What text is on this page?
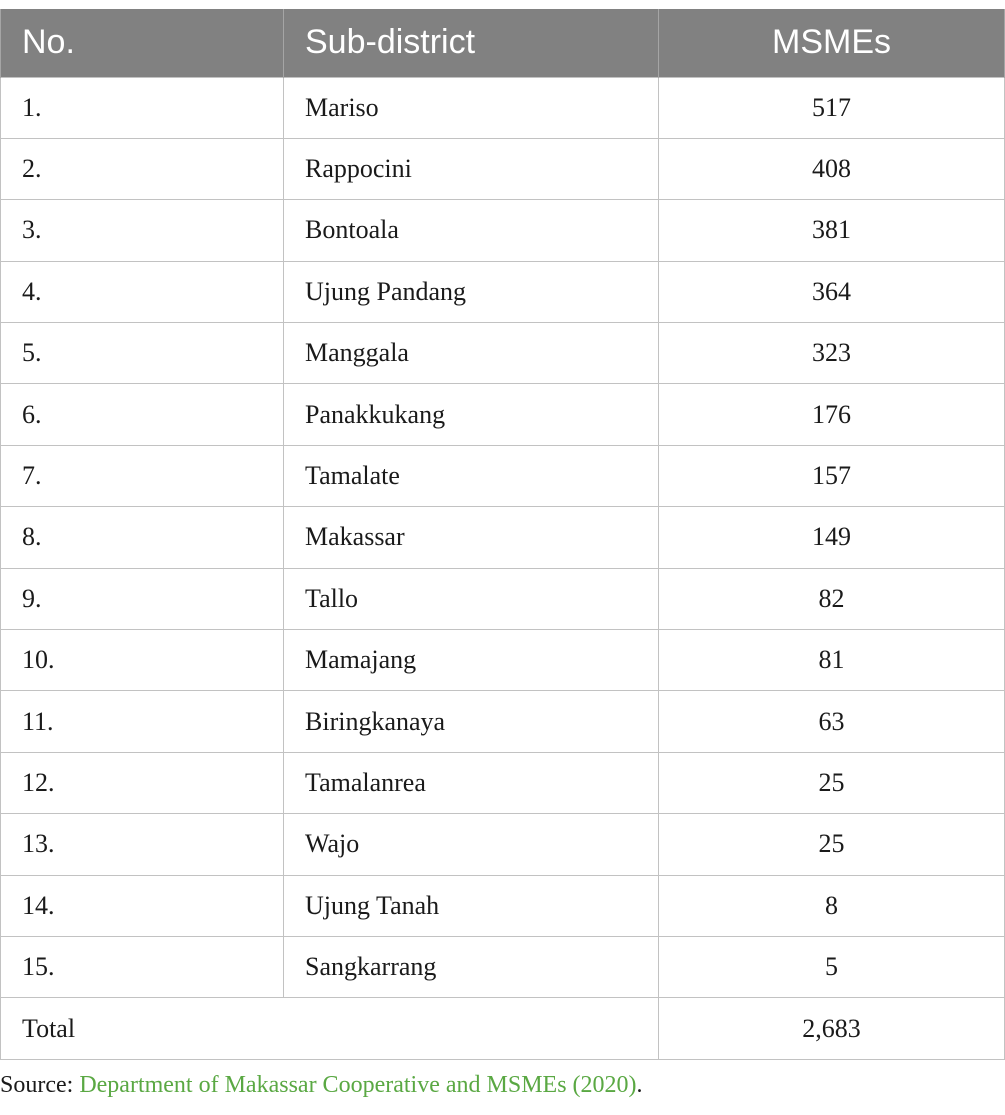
No.	Sub-district	MSMEs
1.	Mariso	517
2.	Rappocini	408
3.	Bontoala	381
4.	Ujung Pandang	364
5.	Manggala	323
6.	Panakkukang	176
7.	Tamalate	157
8.	Makassar	149
9.	Tallo	82
10.	Mamajang	81
11.	Biringkanaya	63
12.	Tamalanrea	25
13.	Wajo	25
14.	Ujung Tanah	8
15.	Sangkarrang	5
Total		2,683
Source: Department of Makassar Cooperative and MSMEs (2020).
